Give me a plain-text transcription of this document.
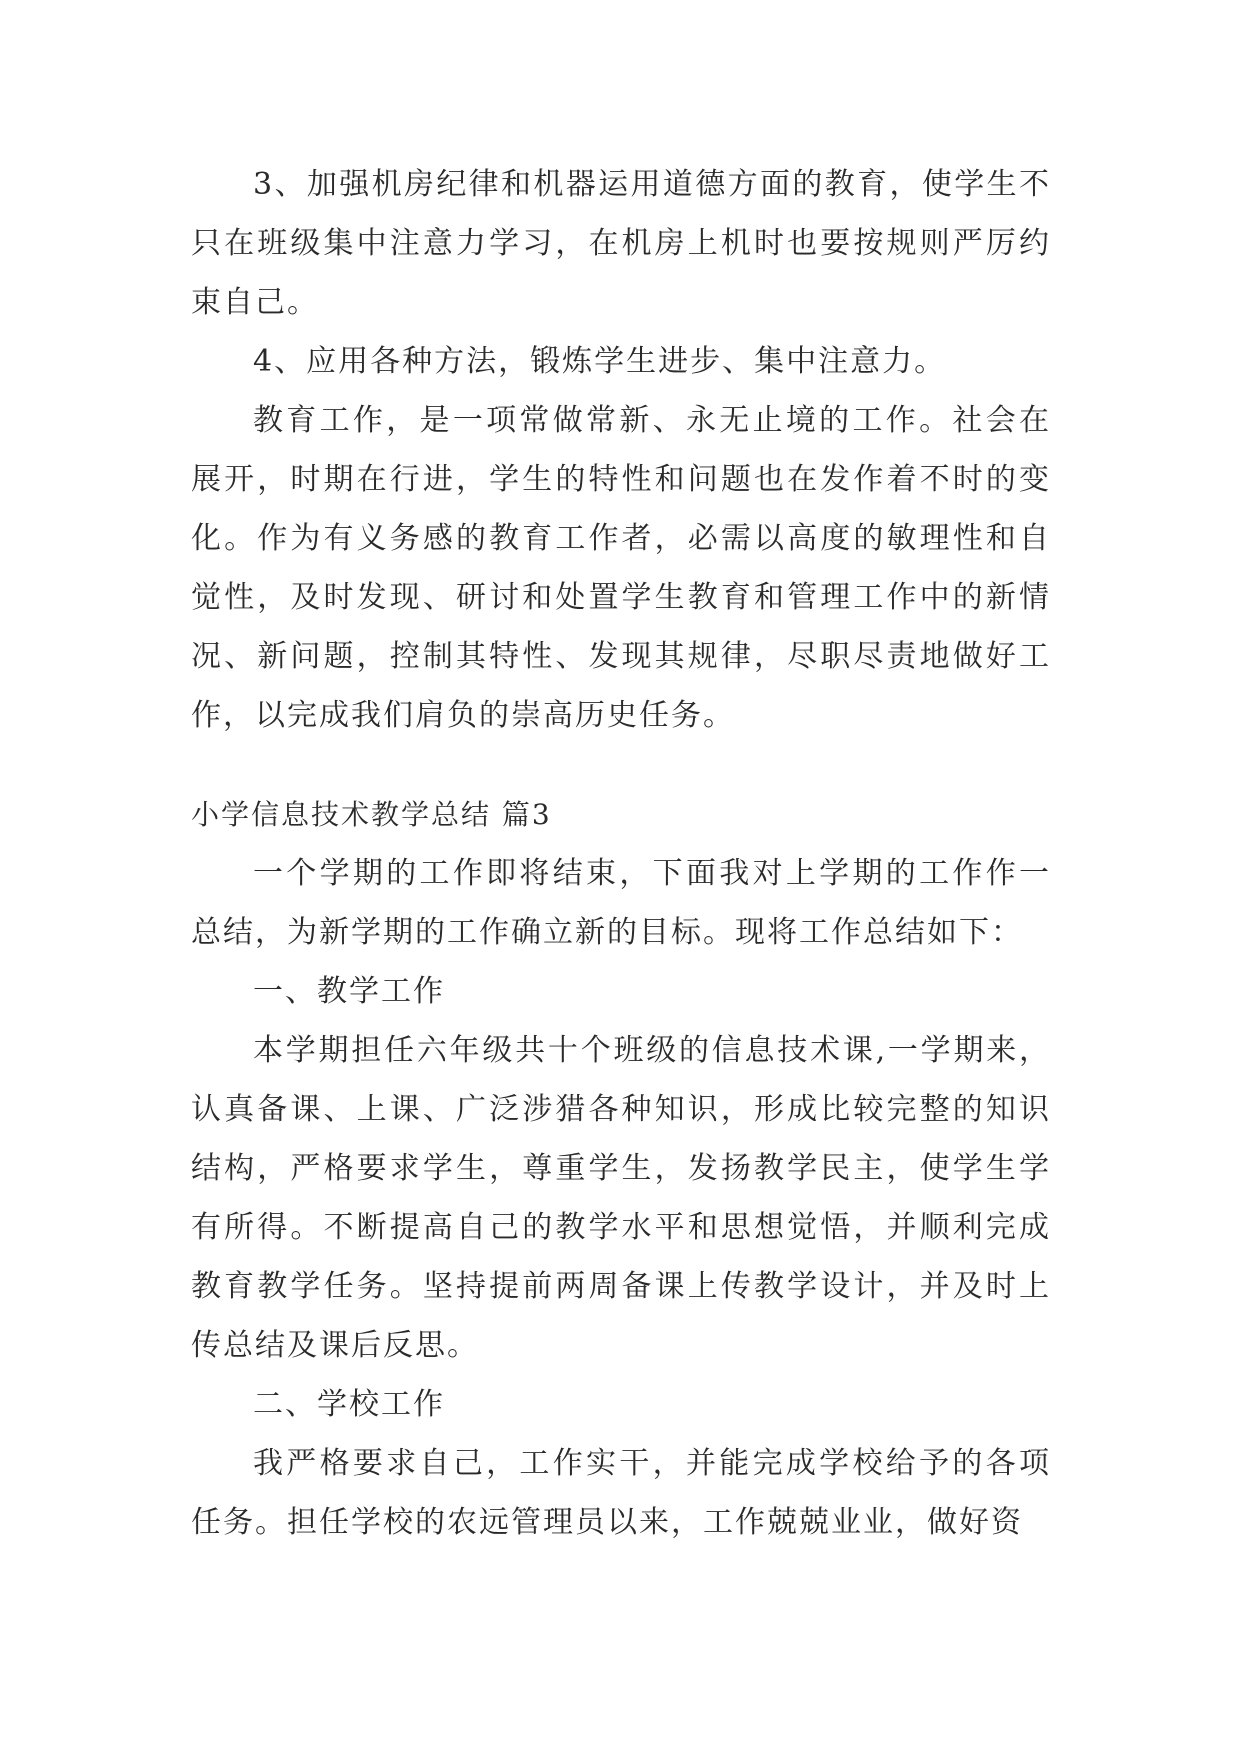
3、加强机房纪律和机器运用道德方面的教育，使学生不只在班级集中注意力学习，在机房上机时也要按规则严厉约束自己。

4、应用各种方法，锻炼学生进步、集中注意力。

教育工作，是一项常做常新、永无止境的工作。社会在展开，时期在行进，学生的特性和问题也在发作着不时的变化。作为有义务感的教育工作者，必需以高度的敏理性和自觉性，及时发现、研讨和处置学生教育和管理工作中的新情况、新问题，控制其特性、发现其规律，尽职尽责地做好工作，以完成我们肩负的崇高历史任务。

小学信息技术教学总结 篇3

一个学期的工作即将结束，下面我对上学期的工作作一总结，为新学期的工作确立新的目标。现将工作总结如下：

一、教学工作

本学期担任六年级共十个班级的信息技术课,一学期来，认真备课、上课、广泛涉猎各种知识，形成比较完整的知识结构，严格要求学生，尊重学生，发扬教学民主，使学生学有所得。不断提高自己的教学水平和思想觉悟，并顺利完成教育教学任务。坚持提前两周备课上传教学设计，并及时上传总结及课后反思。

二、学校工作

我严格要求自己，工作实干，并能完成学校给予的各项任务。担任学校的农远管理员以来，工作兢兢业业，做好资
